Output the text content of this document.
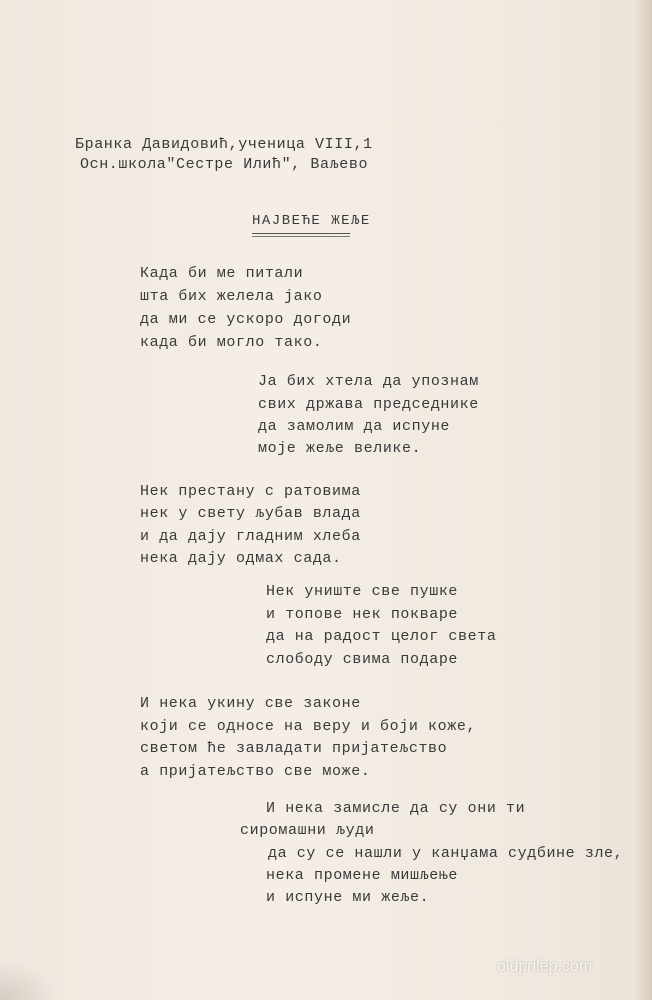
Бранка Давидовић,ученица VIII,1
Осн.школа"Сестре Илић", Ваљево
НАЈВЕЋЕ ЖЕЉЕ
Када би ме питали
шта бих желела јако
да ми се ускоро догоди
када би могло тако.
Ја бих хтела да упознам
свих држава председнике
да замолим да испуне
моје жеље велике.
Нек престану с ратовима
нек у свету љубав влада
и да дају гладним хлеба
нека дају одмах сада.
Нек униште све пушке
и топове нек покваре
да на радост целог света
слободу свима подаре
И нека укину све законе
који се односе на веру и боји коже,
светом ће завладати пријатељство
а пријатељство све може.
И нека замисле да су они ти
сиромашни људи
да су се нашли у канџама судбине зле,
нека промене мишљење
и испуне ми жеље.
oldprilep.com
